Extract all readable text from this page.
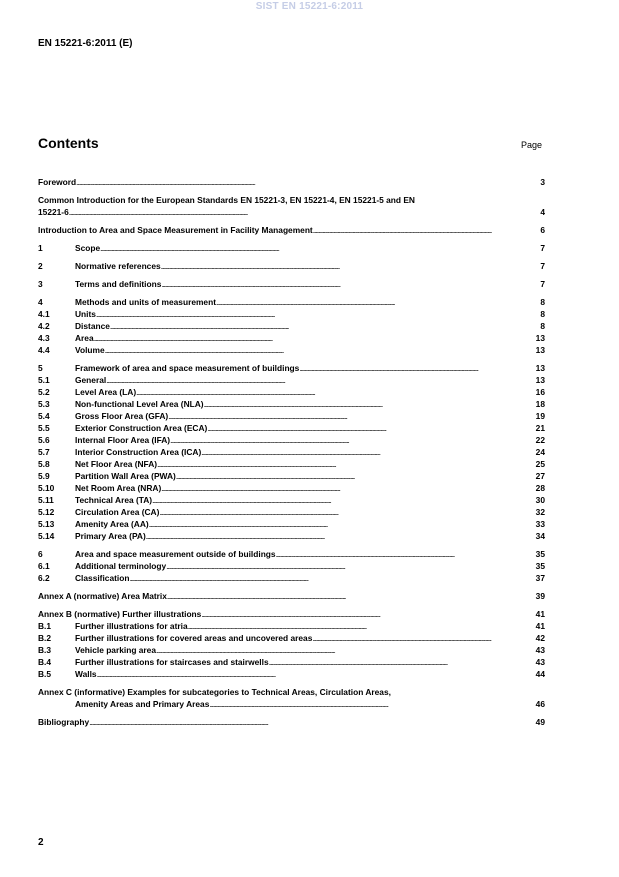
SIST EN 15221-6:2011
EN 15221-6:2011 (E)
Contents	Page
Foreword . . .	3
Common Introduction for the European Standards EN 15221-3, EN 15221-4, EN 15221-5 and EN
15221-6 . . .	4
Introduction to Area and Space Measurement in Facility Management . . .	6
1	Scope . . .	7
2	Normative references . . .	7
3	Terms and definitions . . .	7
4	Methods and units of measurement . . .	8
4.1	Units . . .	8
4.2	Distance . . .	8
4.3	Area . . .	13
4.4	Volume . . .	13
5	Framework of area and space measurement of buildings . . .	13
5.1	General . . .	13
5.2	Level Area (LA) . . .	16
5.3	Non-functional Level Area (NLA) . . .	18
5.4	Gross Floor Area (GFA) . . .	19
5.5	Exterior Construction Area (ECA) . . .	21
5.6	Internal Floor Area (IFA) . . .	22
5.7	Interior Construction Area (ICA) . . .	24
5.8	Net Floor Area (NFA) . . .	25
5.9	Partition Wall Area (PWA) . . .	27
5.10	Net Room Area (NRA) . . .	28
5.11	Technical Area (TA) . . .	30
5.12	Circulation Area (CA) . . .	32
5.13	Amenity Area (AA) . . .	33
5.14	Primary Area (PA) . . .	34
6	Area and space measurement outside of buildings . . .	35
6.1	Additional terminology . . .	35
6.2	Classification . . .	37
Annex A (normative) Area Matrix . . .	39
Annex B (normative) Further illustrations . . .	41
B.1	Further illustrations for atria . . .	41
B.2	Further illustrations for covered areas and uncovered areas . . .	42
B.3	Vehicle parking area . . .	43
B.4	Further illustrations for staircases and stairwells . . .	43
B.5	Walls . . .	44
Annex C (informative) Examples for subcategories to Technical Areas, Circulation Areas,
Amenity Areas and Primary Areas . . .	46
Bibliography . . .	49
2
